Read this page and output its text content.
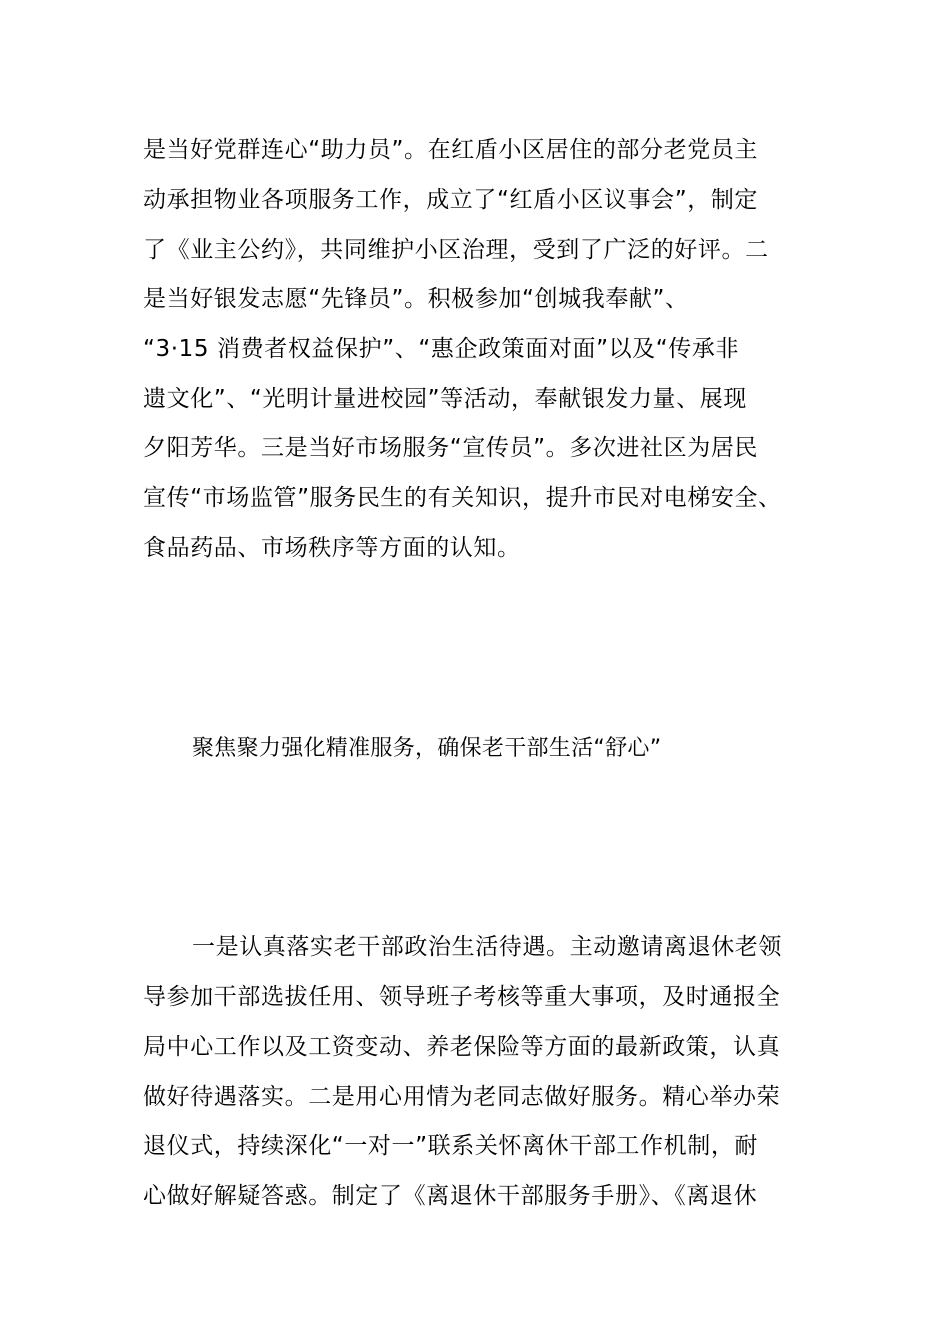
是当好党群连心“助力员”。在红盾小区居住的部分老党员主
动承担物业各项服务工作，成立了“红盾小区议事会”，制定
了《业主公约》，共同维护小区治理，受到了广泛的好评。二
是当好银发志愿“先锋员”。积极参加“创城我奉献”、
“3·15 消费者权益保护”、“惠企政策面对面”以及“传承非
遗文化”、“光明计量进校园”等活动，奉献银发力量、展现
夕阳芳华。三是当好市场服务“宣传员”。多次进社区为居民
宣传“市场监管”服务民生的有关知识，提升市民对电梯安全、
食品药品、市场秩序等方面的认知。
聚焦聚力强化精准服务，确保老干部生活“舒心”
一是认真落实老干部政治生活待遇。主动邀请离退休老领
导参加干部选拔任用、领导班子考核等重大事项，及时通报全
局中心工作以及工资变动、养老保险等方面的最新政策，认真
做好待遇落实。二是用心用情为老同志做好服务。精心举办荣
退仪式，持续深化“一对一”联系关怀离休干部工作机制，耐
心做好解疑答惑。制定了《离退休干部服务手册》、《离退休
